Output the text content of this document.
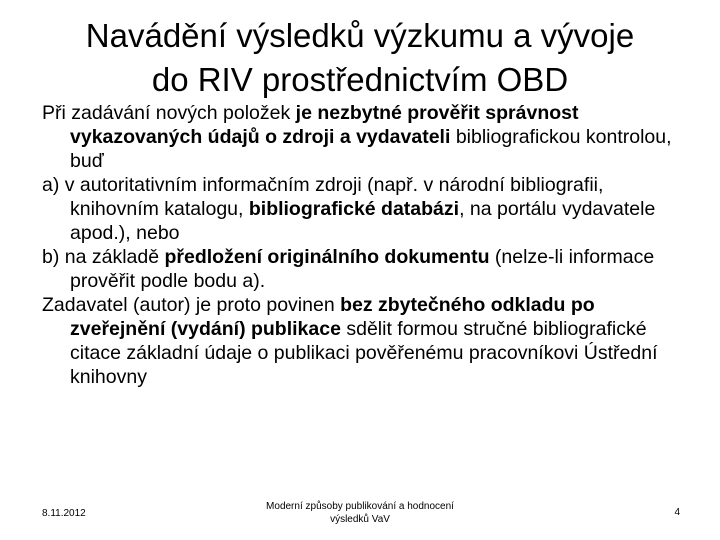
Navádění výsledků výzkumu a vývoje
do RIV prostřednictvím OBD

Při zadávání nových položek je nezbytné prověřit správnost vykazovaných údajů o zdroji a vydavateli bibliografickou kontrolou, buď

a) v autoritativním informačním zdroji (např. v národní bibliografii, knihovním katalogu, bibliografické databázi, na portálu vydavatele apod.), nebo

b) na základě předložení originálního dokumentu (nelze-li informace prověřit podle bodu a).

Zadavatel (autor) je proto povinen bez zbytečného odkladu po zveřejnění (vydání) publikace sdělit formou stručné bibliografické citace základní údaje o publikaci pověřenému pracovníkovi Ústřední knihovny

8.11.2012
Moderní způsoby publikování a hodnocení
výsledků VaV
4
